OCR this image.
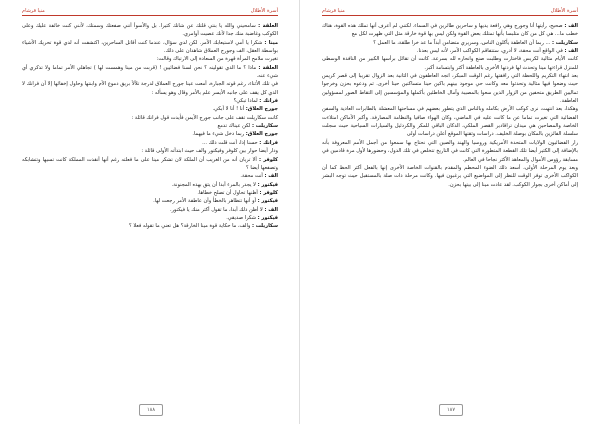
أسرة الأطلال
منيا قرشام

العلقة : سامحيني والله يا بنتي قلتك عن شانك كثيرا. بل والأسوأ أنني صفعتك وسمتك، لأنني كنت خائفة عليك وعلى الكوكب وغاضبة منك جدا لأنك عصيت أوامري.

مينا : شكرا يا أمي لاستيعابك الأمر. لكن لدي سؤال، عندما كنت أقاتل الساحرين، اكتشفت أنه لدي قوة تحريك الأشياء بواسطة العقل، الف وجورج العملاق شاهدان على ذلك.

تغيرت ملامح المرأة قهرة من السعادة إلى الارتباك وقالت:

العلقة : ماذا ؟ ما الذي تقولينه ؟ نحن لسنا فضائيين ! (قربت من مينا وهمست لها ) تجاهلي الأمر تماما ولا تذكري أي شيء عنه.

في تلك الأثناء، رغم قوته الجبارة، أمعت عينا جورج العملاق لدرجة تلألأ بريق دموع الأم وابنتها وحاول إخفائها إلا أن فرانك لا الذي كل يقف على جانبه الأيسر علم بالأمر وقال وهو يسأله :

فرانك : لماذا تبكي؟

جورج العلاق: أنا ! أنا لا أبكي.

كانت سكاريلت تقف على جانب جورج الأيمن فأيدت قول فرانك قائلة :

سكاريلت : لكن عيناك تدمع

جورج العلاق: ربما دخل شيء ما فيهما.

فرانك : حسنا إذا، أنت قلت ذلك ...

ودار أيضا حوار بين كلوفر وفيكتور والف حيث ابتدأته الأولى قائلة :

كلوفر : ألا تريان أنه من الغريب أن الملكة لان تشكر مينا على ما فعلته رغم أنها أنقذت المملكة كانت تسيها وتتشابكه وتصفعها أيضا ؟

الف : أنت محقة.

فيكتور : لا يجدر بالمرء أبدا أن يثق بهذه المجنونة.

كلوفر : أظنها تحاول أن تصلح خطاها.

فيكتور : أو أنها تتظاهر بالخطأ وأن عاطفة الأمر رجعت لها.

الف : لا أظن ذلك أبدا، ما تقول أكثر منك يا فيكتور.

فيكتور : شكرا صديقي.

سكاريلت : والف، ما حكاية قوة مينا الخارقة؟ هل تعني ما تقوله فعلا ؟

١٨٨
أسرة الأطلال
منيا قرشام

الف : صحيح، رأيتها أنا وجورج وهي رافعة يديها و ساحرين طائرين في السماء. لكنني لم أعرف أنها تملك هذه القوة، هناك خطب ما... هي كل من كان متلبسا بأنها تمتلك بعض القوة ولكن ليس بها قوة خارقة مثل التي ظهرت لكل مع

سكاريلت : ... ربما أن العاطفة يأكلون الناس، وسريري متضامن أبداً ما عد خرا طلقة، ما العمل ؟

الف : في الواقع أنت محقة، لا أدري، ستتفاقم الكواكب الأمر، لأنه ليس بعدنا.

كانت الأيام مثالية لكريس فاختارت وطلبت صنع وانحازه لله بسرعة. كانت أن تقائل برأسها الكبير من النافذة الوسطى للمنزل قراءتها مينا وتحدث لها فردتها الأخرى بالعاطفة أكثر وابتسامة أكبر.

بعد انتهاء التكريم واللحظة التي رافقتها رغم الوقت المبكر، اتجه العاطفون في الثانية بعد الزوال تقريبا إلى قصر كريس حيث وضعوا فيها مثالية وتحدثوا معه وكانت حي موجود بينهم باكين حينا متساكنين حينا أخرى. ثم ودعوه بحزن وخرجوا ثماليين الطريق متحفين من الزوار الذين سعوا بالمصيبة وآمال الخاطئين بأكملها والمؤسسين إلى التقاط الصور لمسؤولين العاطفة.

وهكذا، بعد انتهت، نرى كوكب الأرض بكامله وبالناس الذي يتطور بعضهم في مساحتها المعشلة بالطابرات العادية والسفن الفضائية التي تغيرت تماما عن ما كانت عليه في الماضي، وكان الهواء صافيا والنظامة المصارفة. وأكبر الأماكن امتلاءت الخاصة والمصاحين هي ميدان تراقادير القصر الملكي، الدكان الباقي للمكر والكردئيل والسيارات السياحية حيث سجلت سلسلة الفائزين بالمكان بوصلة الخليف. دراسات وثقتها الموقع أعلن دراسات أولى

زار الفضائيون الولايات المتحدة الأمريكية وروسيا والهند والصين التي نحتاج بها سمعوا من أجمل الأمم المعروفة بأنه بالإضافة إلى الكثير أيضا تلك القطعة المتطورة التي كانت في التاريخ تتخلص في تلك الدول، وحضورها لأول مرة قادمين في مسابقة رؤوس الأموال والمعاهد الأكثر نجاحا في العالم.

وبعد يوم المرحلة الأولى، أسعد ذلك الضوء المحطم والمقدم بالقنوات الخاصة الأخرى إنها بالفعل أكثر الحظ كما أن الكواكب الأخرى توفر الوقت للنظر إلى المواضيع التي يرغبون فيها. وكانت مرحلة ذات صلة بالمستقبل حيث توجه البشر إلى أماكن أخرى بجوار الكوكب. لقد عادت مينا إلى بيتها بحزن.

١٨٧
